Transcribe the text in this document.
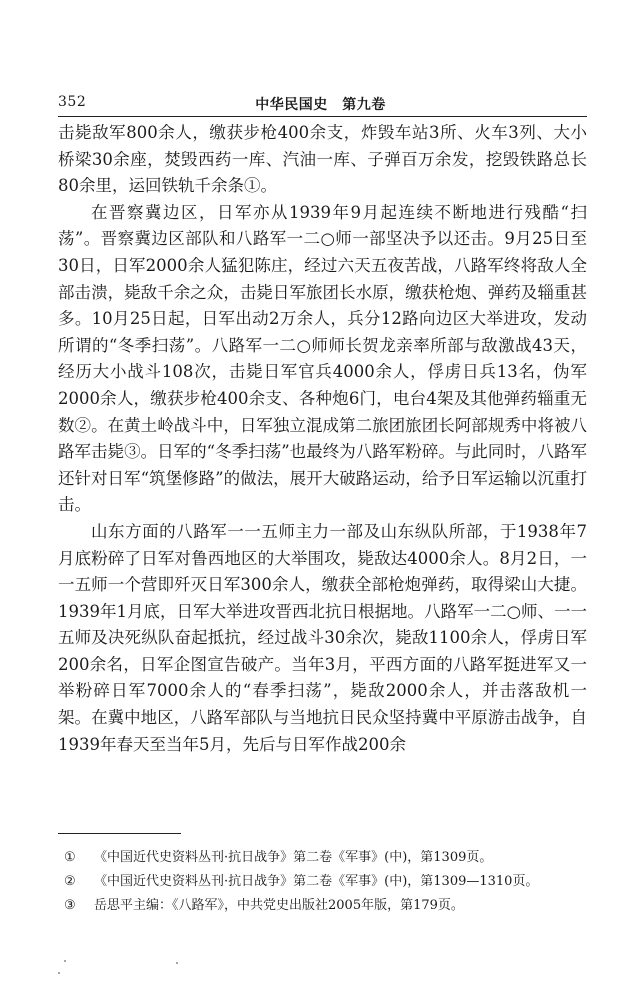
352	中华民国史　第九卷

击毙敌军800余人，缴获步枪400余支，炸毁车站3所、火车3列、大小桥梁30余座，焚毁西药一库、汽油一库、子弹百万余发，挖毁铁路总长80余里，运回铁轨千余条①。

在晋察冀边区，日军亦从1939年9月起连续不断地进行残酷“扫荡”。晋察冀边区部队和八路军一二○师一部坚决予以还击。9月25日至30日，日军2000余人猛犯陈庄，经过六天五夜苦战，八路军终将敌人全部击溃，毙敌千余之众，击毙日军旅团长水原，缴获枪炮、弹药及辎重甚多。10月25日起，日军出动2万余人，兵分12路向边区大举进攻，发动所谓的“冬季扫荡”。八路军一二○师师长贺龙亲率所部与敌激战43天，经历大小战斗108次，击毙日军官兵4000余人，俘虏日兵13名，伪军2000余人，缴获步枪400余支、各种炮6门，电台4架及其他弹药辎重无数②。在黄土岭战斗中，日军独立混成第二旅团旅团长阿部规秀中将被八路军击毙③。日军的“冬季扫荡”也最终为八路军粉碎。与此同时，八路军还针对日军“筑堡修路”的做法，展开大破路运动，给予日军运输以沉重打击。

山东方面的八路军一一五师主力一部及山东纵队所部，于1938年7月底粉碎了日军对鲁西地区的大举围攻，毙敌达4000余人。8月2日，一一五师一个营即歼灭日军300余人，缴获全部枪炮弹药，取得梁山大捷。1939年1月底，日军大举进攻晋西北抗日根据地。八路军一二○师、一一五师及决死纵队奋起抵抗，经过战斗30余次，毙敌1100余人，俘虏日军200余名，日军企图宣告破产。当年3月，平西方面的八路军挺进军又一举粉碎日军7000余人的“春季扫荡”，毙敌2000余人，并击落敌机一架。在冀中地区，八路军部队与当地抗日民众坚持冀中平原游击战争，自1939年春天至当年5月，先后与日军作战200余

①	《中国近代史资料丛刊·抗日战争》第二卷《军事》(中)，第1309页。
②	《中国近代史资料丛刊·抗日战争》第二卷《军事》(中)，第1309—1310页。
③	岳思平主编：《八路军》，中共党史出版社2005年版，第179页。
